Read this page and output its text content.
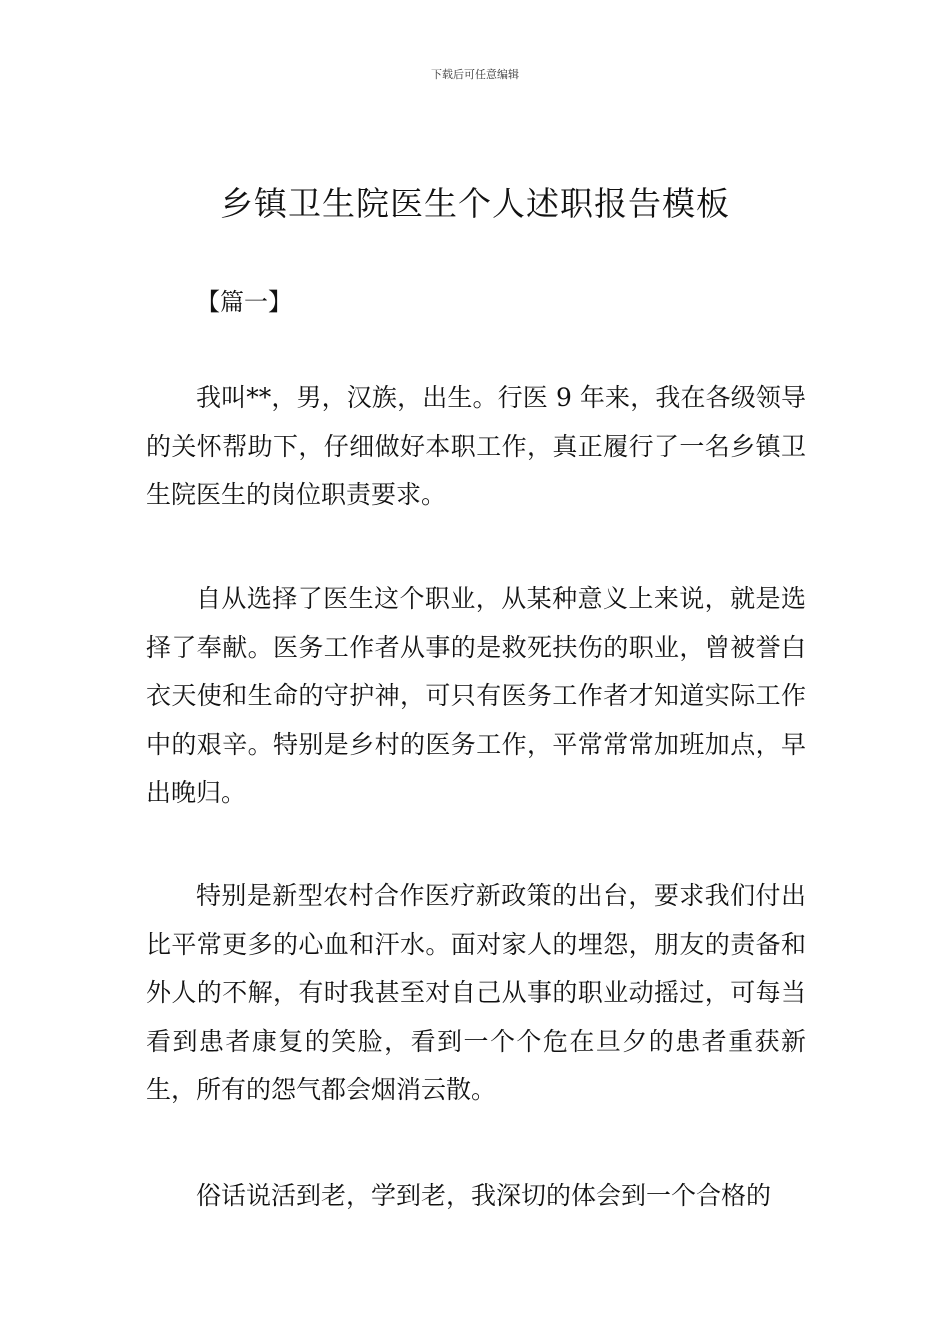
下载后可任意编辑
乡镇卫生院医生个人述职报告模板
【篇一】

我叫**，男，汉族，出生。行医 9 年来，我在各级领导的关怀帮助下，仔细做好本职工作，真正履行了一名乡镇卫生院医生的岗位职责要求。

自从选择了医生这个职业，从某种意义上来说，就是选择了奉献。医务工作者从事的是救死扶伤的职业，曾被誉白衣天使和生命的守护神，可只有医务工作者才知道实际工作中的艰辛。特别是乡村的医务工作，平常常常加班加点，早出晚归。

特别是新型农村合作医疗新政策的出台，要求我们付出比平常更多的心血和汗水。面对家人的埋怨，朋友的责备和外人的不解，有时我甚至对自己从事的职业动摇过，可每当看到患者康复的笑脸，看到一个个危在旦夕的患者重获新生，所有的怨气都会烟消云散。

俗话说活到老，学到老，我深切的体会到一个合格的
